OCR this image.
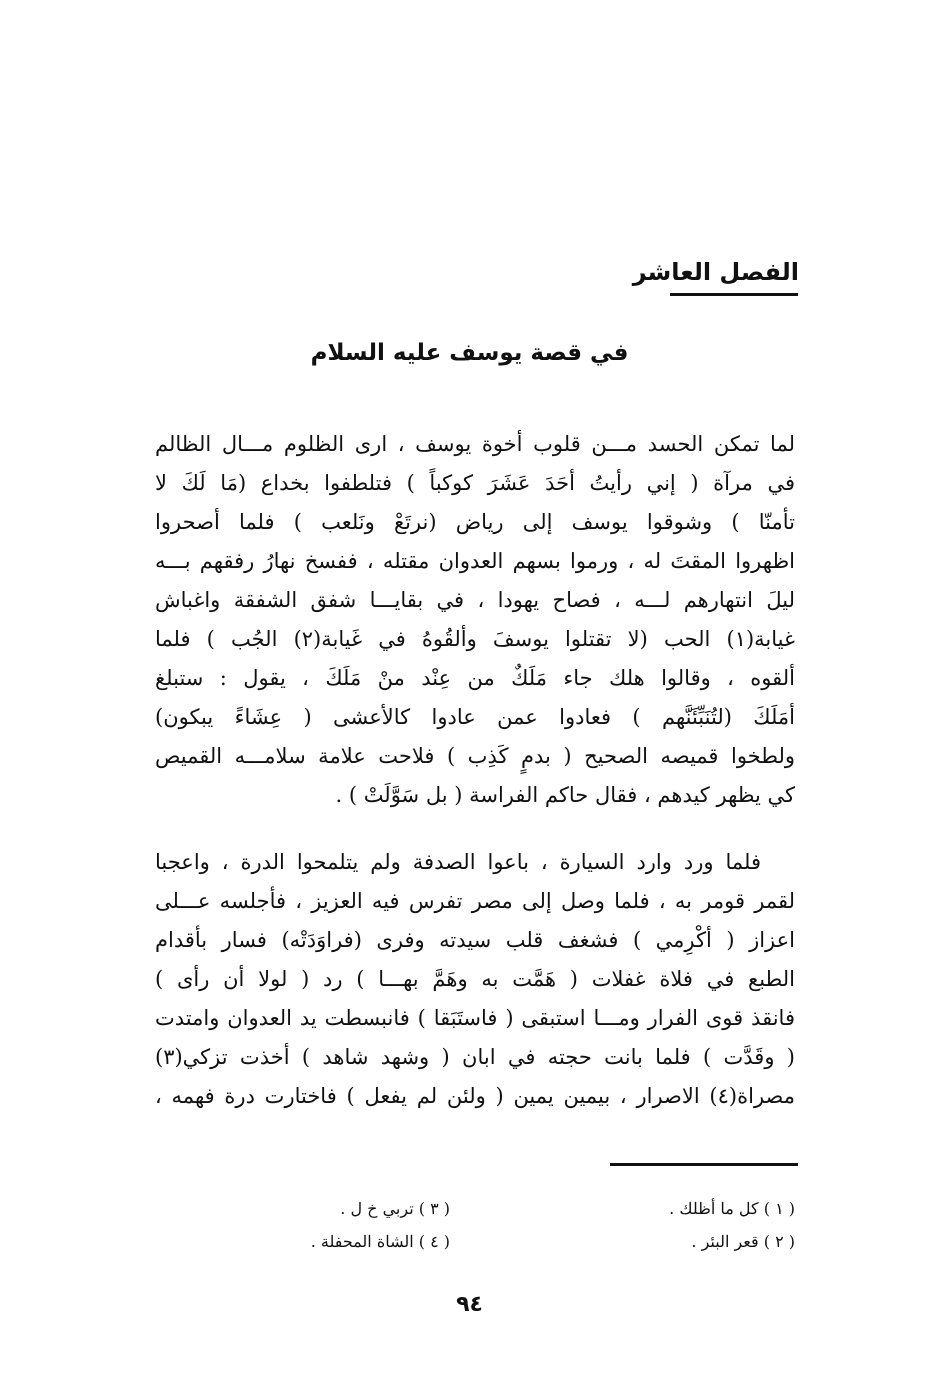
الفصل العاشر
في قصة يوسف عليه السلام
لما تمكن الحسد مـــن قلوب أخوة يوسف ، ارى الظلوم مـــال الظالم
في مرآة ( إني رأيتُ أحَدَ عَشَرَ كوكباً ) فتلطفوا بخداع (مَا لَكَ لا
تأمنّا ) وشوقوا يوسف إلى رياض (نرتَعْ ونَلعب ) فلما أصحروا
اظهروا المقتَ له ، ورموا بسهم العدوان مقتله ، ففسخ نهارُ رفقهم بـــه
ليلَ انتهارهم لـــه ، فصاح يهودا ، في بقايـــا شفق الشفقة واغباش
غيابة(١) الحب (لا تقتلوا يوسفَ وألقُوهُ في غَيابة(٢) الجُب ) فلما
ألقوه ، وقالوا هلك جاء مَلَكٌ من عِنْد منْ مَلَكَ ، يقول : ستبلغ
أمَلَكَ (لتُنَبِّئَنَّهم ) فعادوا عمن عادوا كالأعشى ( عِشَاءً يبكون)
ولطخوا قميصه الصحيح ( بدمٍ كَذِب ) فلاحت علامة سلامـــه القميص
كي يظهر كيدهم ، فقال حاكم الفراسة ( بل سَوَّلَتْ ) .
فلما ورد وارد السيارة ، باعوا الصدفة ولم يتلمحوا الدرة ، واعجبا
لقمر قومر به ، فلما وصل إلى مصر تفرس فيه العزيز ، فأجلسه عـــلى
اعزاز ( أكْرِمي ) فشغف قلب سيدته وفرى (فراوَدَتْه) فسار بأقدام
الطبع في فلاة غفلات ( هَمَّت به وهَمَّ بهـــا ) رد ( لولا أن رأى )
فانقذ قوى الفرار ومـــا استبقى ( فاستَبَقا ) فانبسطت يد العدوان وامتدت
( وقَدَّت ) فلما بانت حجته في ابان ( وشهد شاهد ) أخذت تزكي(٣)
مصراة(٤) الاصرار ، بيمين يمين ( ولئن لم يفعل ) فاختارت درة فهمه ،
( ١ ) كل ما أظلك .
( ٢ ) قعر البئر .
( ٣ ) تربي خ ل .
( ٤ ) الشاة المحفلة .
٩٤
